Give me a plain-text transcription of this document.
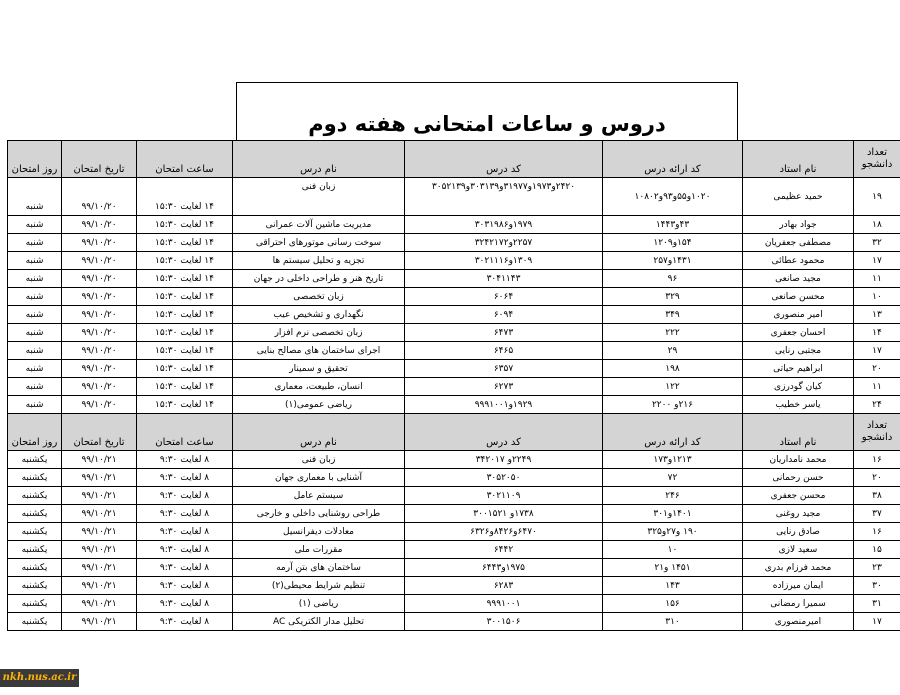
دروس و ساعات امتحانی هفته دوم
تعداد دانشجو	نام استاد	کد ارائه درس	کد درس	نام درس	ساعت امتحان	تاریخ امتحان	روز امتحان
۱۹	حمید عظیمی	۱۰۲۰و۵۵و۹۳و۱۰۸۰۲	۲۴۲۰و۱۹۷۳و۳۱۹۷۷و۳۰۳۱۳۹و۳۰۵۲۱۳۹	زبان فنی	۱۴ لغایت ۱۵:۳۰	۹۹/۱۰/۲۰	شنبه
۱۸	جواد بهادر	۴۳و۱۴۴۳	۱۹۷۹و۳۰۳۱۹۸۶	مدیریت ماشین آلات عمرانی	۱۴ لغایت ۱۵:۳۰	۹۹/۱۰/۲۰	شنبه
۳۲	مصطفی جعفریان	۱۵۴و۱۲۰۹	۲۲۵۷و۳۲۴۲۱۷۲	سوخت رسانی موتورهای احتراقی	۱۴ لغایت ۱۵:۳۰	۹۹/۱۰/۲۰	شنبه
۱۷	محمود عطائی	۱۴۳۱و۲۵۷	۱۳۰۹و۳۰۲۱۱۱۶	تجزیه و تحلیل سیستم ها	۱۴ لغایت ۱۵:۳۰	۹۹/۱۰/۲۰	شنبه
۱۱	مجید صانعی	۹۶	۳۰۴۱۱۴۳	تاریخ هنر و طراحی داخلی در جهان	۱۴ لغایت ۱۵:۳۰	۹۹/۱۰/۲۰	شنبه
۱۰	محسن صانعی	۳۲۹	۶۰۶۴	زبان تخصصی	۱۴ لغایت ۱۵:۳۰	۹۹/۱۰/۲۰	شنبه
۱۳	امیر منصوری	۳۴۹	۶۰۹۴	نگهداری و تشخیص عیب	۱۴ لغایت ۱۵:۳۰	۹۹/۱۰/۲۰	شنبه
۱۴	احسان جعفری	۲۲۲	۶۴۷۳	زبان تخصصی نرم افزار	۱۴ لغایت ۱۵:۳۰	۹۹/۱۰/۲۰	شنبه
۱۷	مجتبی رنایی	۲۹	۶۴۶۵	اجرای ساختمان های مصالح بنایی	۱۴ لغایت ۱۵:۳۰	۹۹/۱۰/۲۰	شنبه
۲۰	ابراهیم حیاتی	۱۹۸	۶۳۵۷	تحقیق و سمینار	۱۴ لغایت ۱۵:۳۰	۹۹/۱۰/۲۰	شنبه
۱۱	کیان گودرزی	۱۲۲	۶۲۷۳	انسان، طبیعت، معماری	۱۴ لغایت ۱۵:۳۰	۹۹/۱۰/۲۰	شنبه
۲۴	یاسر خطیب	۲۱۶و ۲۲۰۰	۱۹۲۹و۹۹۹۱۰۰۱	ریاضی عمومی(۱)	۱۴ لغایت ۱۵:۳۰	۹۹/۱۰/۲۰	شنبه
تعداد دانشجو	نام استاد	کد ارائه درس	کد درس	نام درس	ساعت امتحان	تاریخ امتحان	روز امتحان
۱۶	محمد نامداریان	۱۲۱۳و۱۷۳	۲۲۴۹و ۳۴۲۰۱۷	زبان فنی	۸ لغایت ۹:۳۰	۹۹/۱۰/۲۱	یکشنبه
۲۰	حسن رحمانی	۷۲	۳۰۵۲۰۵۰	آشنایی با معماری جهان	۸ لغایت ۹:۳۰	۹۹/۱۰/۲۱	یکشنبه
۳۸	محسن جعفری	۲۴۶	۳۰۲۱۱۰۹	سیستم عامل	۸ لغایت ۹:۳۰	۹۹/۱۰/۲۱	یکشنبه
۳۷	مجید روغنی	۱۴۰۱و۳۰۱	۱۷۳۸و ۳۰۰۱۵۲۱	طراحی روشنایی داخلی و خارجی	۸ لغایت ۹:۳۰	۹۹/۱۰/۲۱	یکشنبه
۱۶	صادق رنایی	۱۹۰ و۲۷و۳۲۵	۶۴۷۰و۸۴۲۶و۶۳۲۶	معادلات دیفرانسیل	۸ لغایت ۹:۳۰	۹۹/۱۰/۲۱	یکشنبه
۱۵	سعید لازی	۱۰	۶۴۴۲	مقررات ملی	۸ لغایت ۹:۳۰	۹۹/۱۰/۲۱	یکشنبه
۲۳	محمد فرزام بدری	۱۴۵۱ و۲۱	۱۹۷۵و۶۴۴۳	ساختمان های بتن آرمه	۸ لغایت ۹:۳۰	۹۹/۱۰/۲۱	یکشنبه
۳۰	ایمان میرزاده	۱۴۳	۶۲۸۳	تنظیم شرایط محیطی(۲)	۸ لغایت ۹:۳۰	۹۹/۱۰/۲۱	یکشنبه
۳۱	سمیرا رمضانی	۱۵۶	۹۹۹۱۰۰۱	ریاضی (۱)	۸ لغایت ۹:۳۰	۹۹/۱۰/۲۱	یکشنبه
۱۷	امیرمنصوری	۳۱۰	۳۰۰۱۵۰۶	تحلیل مدار الکتریکی AC	۸ لغایت ۹:۳۰	۹۹/۱۰/۲۱	یکشنبه
nkh.nus.ac.ir
